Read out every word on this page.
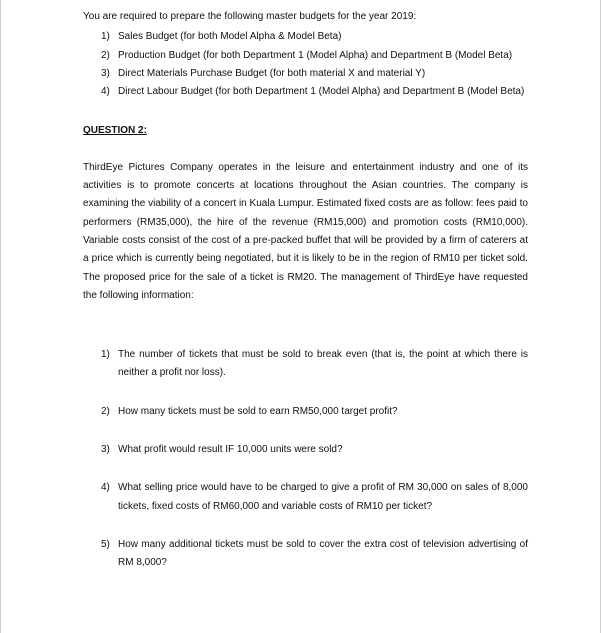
You are required to prepare the following master budgets for the year 2019:

1) Sales Budget (for both Model Alpha & Model Beta)
2) Production Budget (for both Department 1 (Model Alpha) and Department B (Model Beta)
3) Direct Materials Purchase Budget (for both material X and material Y)
4) Direct Labour Budget (for both Department 1 (Model Alpha) and Department B (Model Beta)

QUESTION 2:

ThirdEye Pictures Company operates in the leisure and entertainment industry and one of its activities is to promote concerts at locations throughout the Asian countries. The company is examining the viability of a concert in Kuala Lumpur. Estimated fixed costs are as follow: fees paid to performers (RM35,000), the hire of the revenue (RM15,000) and promotion costs (RM10,000). Variable costs consist of the cost of a pre-packed buffet that will be provided by a firm of caterers at a price which is currently being negotiated, but it is likely to be in the region of RM10 per ticket sold. The proposed price for the sale of a ticket is RM20. The management of ThirdEye have requested the following information:

1) The number of tickets that must be sold to break even (that is, the point at which there is neither a profit nor loss).
2) How many tickets must be sold to earn RM50,000 target profit?
3) What profit would result IF 10,000 units were sold?
4) What selling price would have to be charged to give a profit of RM 30,000 on sales of 8,000 tickets, fixed costs of RM60,000 and variable costs of RM10 per ticket?
5) How many additional tickets must be sold to cover the extra cost of television advertising of RM 8,000?
